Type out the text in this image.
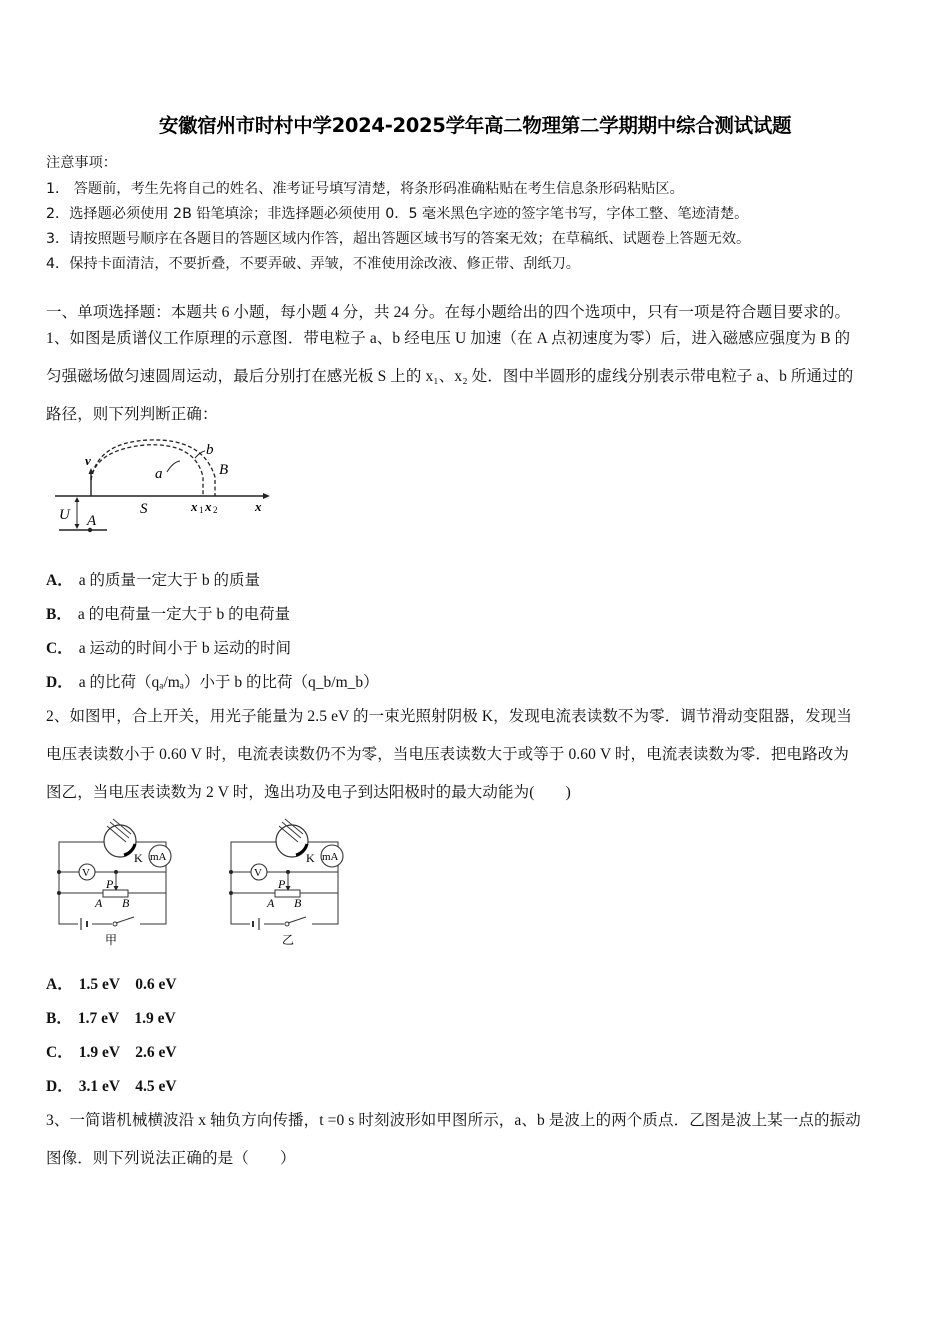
安徽宿州市时村中学2024-2025学年高二物理第二学期期中综合测试试题
注意事项：
1． 答题前，考生先将自己的姓名、准考证号填写清楚，将条形码准确粘贴在考生信息条形码粘贴区。
2．选择题必须使用 2B 铅笔填涂；非选择题必须使用 0．5 毫米黑色字迹的签字笔书写，字体工整、笔迹清楚。
3．请按照题号顺序在各题目的答题区域内作答，超出答题区域书写的答案无效；在草稿纸、试题卷上答题无效。
4．保持卡面清洁，不要折叠，不要弄破、弄皱，不准使用涂改液、修正带、刮纸刀。
一、单项选择题：本题共 6 小题，每小题 4 分，共 24 分。在每小题给出的四个选项中，只有一项是符合题目要求的。
1、如图是质谱仪工作原理的示意图．带电粒子 a、b 经电压 U 加速（在 A 点初速度为零）后，进入磁感应强度为 B 的
匀强磁场做匀速圆周运动，最后分别打在感光板 S 上的 x₁、x₂ 处．图中半圆形的虚线分别表示带电粒子 a、b 所通过的
路径，则下列判断正确：
v
a
b
B
S	x 1 x 2	x
U A
A． a 的质量一定大于 b 的质量
B． a 的电荷量一定大于 b 的电荷量
C． a 运动的时间小于 b 运动的时间
D． a 的比荷（qₐ/mₐ）小于 b 的比荷（q_b/m_b）
2、如图甲，合上开关，用光子能量为 2.5 eV 的一束光照射阴极 K，发现电流表读数不为零．调节滑动变阻器，发现当
电压表读数小于 0.60 V 时，电流表读数仍不为零，当电压表读数大于或等于 0.60 V 时，电流表读数为零．把电路改为
图乙，当电压表读数为 2 V 时，逸出功及电子到达阳极时的最大动能为(　　)
mA
K
V
P
A B
甲
mA
K
V
P
A B
乙
A． 1.5 eV　0.6 eV
B． 1.7 eV　1.9 eV
C． 1.9 eV　2.6 eV
D． 3.1 eV　4.5 eV
3、一简谐机械横波沿 x 轴负方向传播，t =0 s 时刻波形如甲图所示，a、b 是波上的两个质点．乙图是波上某一点的振动
图像．则下列说法正确的是（　　）
